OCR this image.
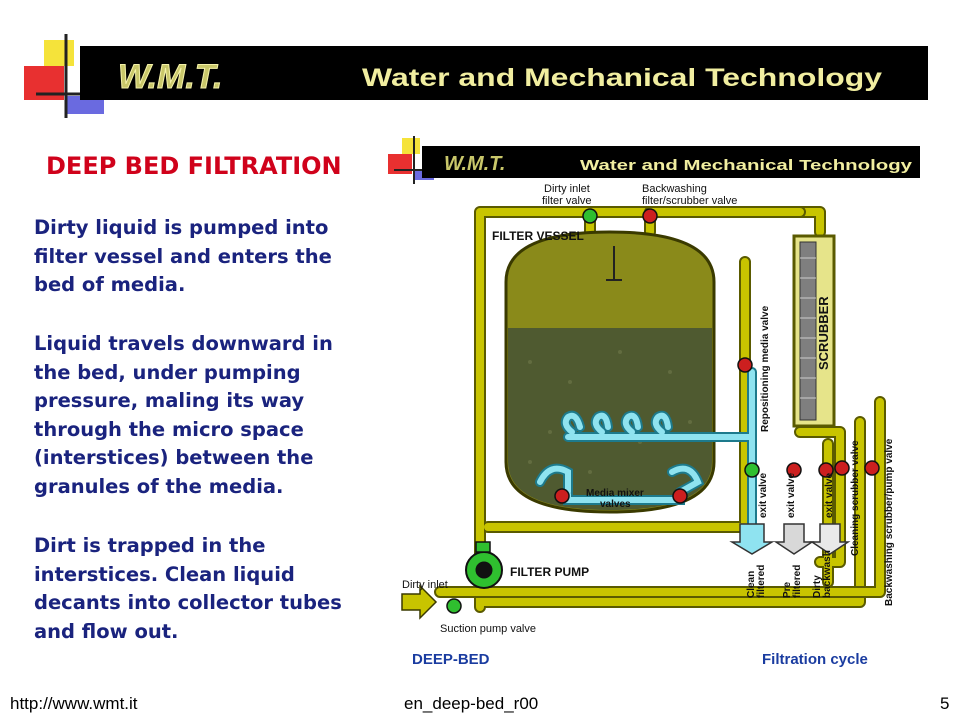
W.M.T.	Water and Mechanical Technology
DEEP BED FILTRATION
Dirty liquid is pumped into
filter vessel and enters the
bed of media.
Liquid travels downward in
the bed, under pumping
pressure, maling its way
through the micro space
(interstices) between the
granules of the media.
Dirt is trapped in the
interstices. Clean liquid
decants into collector tubes
and flow out.
W.M.T.	Water and Mechanical Technology
SCRUBBER
FILTER VESSEL
FILTER PUMP
Dirty inlet
Dirty inlet filter valve
Backwashing filter/scrubber valve
Repositioning media valve
Media mixer valves	exit valve exit valve	exit valve Cleaning scrubber valve Backwashing scrubber/pump valve
Clean filtered Pre filtered Dirty backwash
Suction pump valve
DEEP-BED	Filtration cycle
http://www.wmt.it	en_deep-bed_r00	5
